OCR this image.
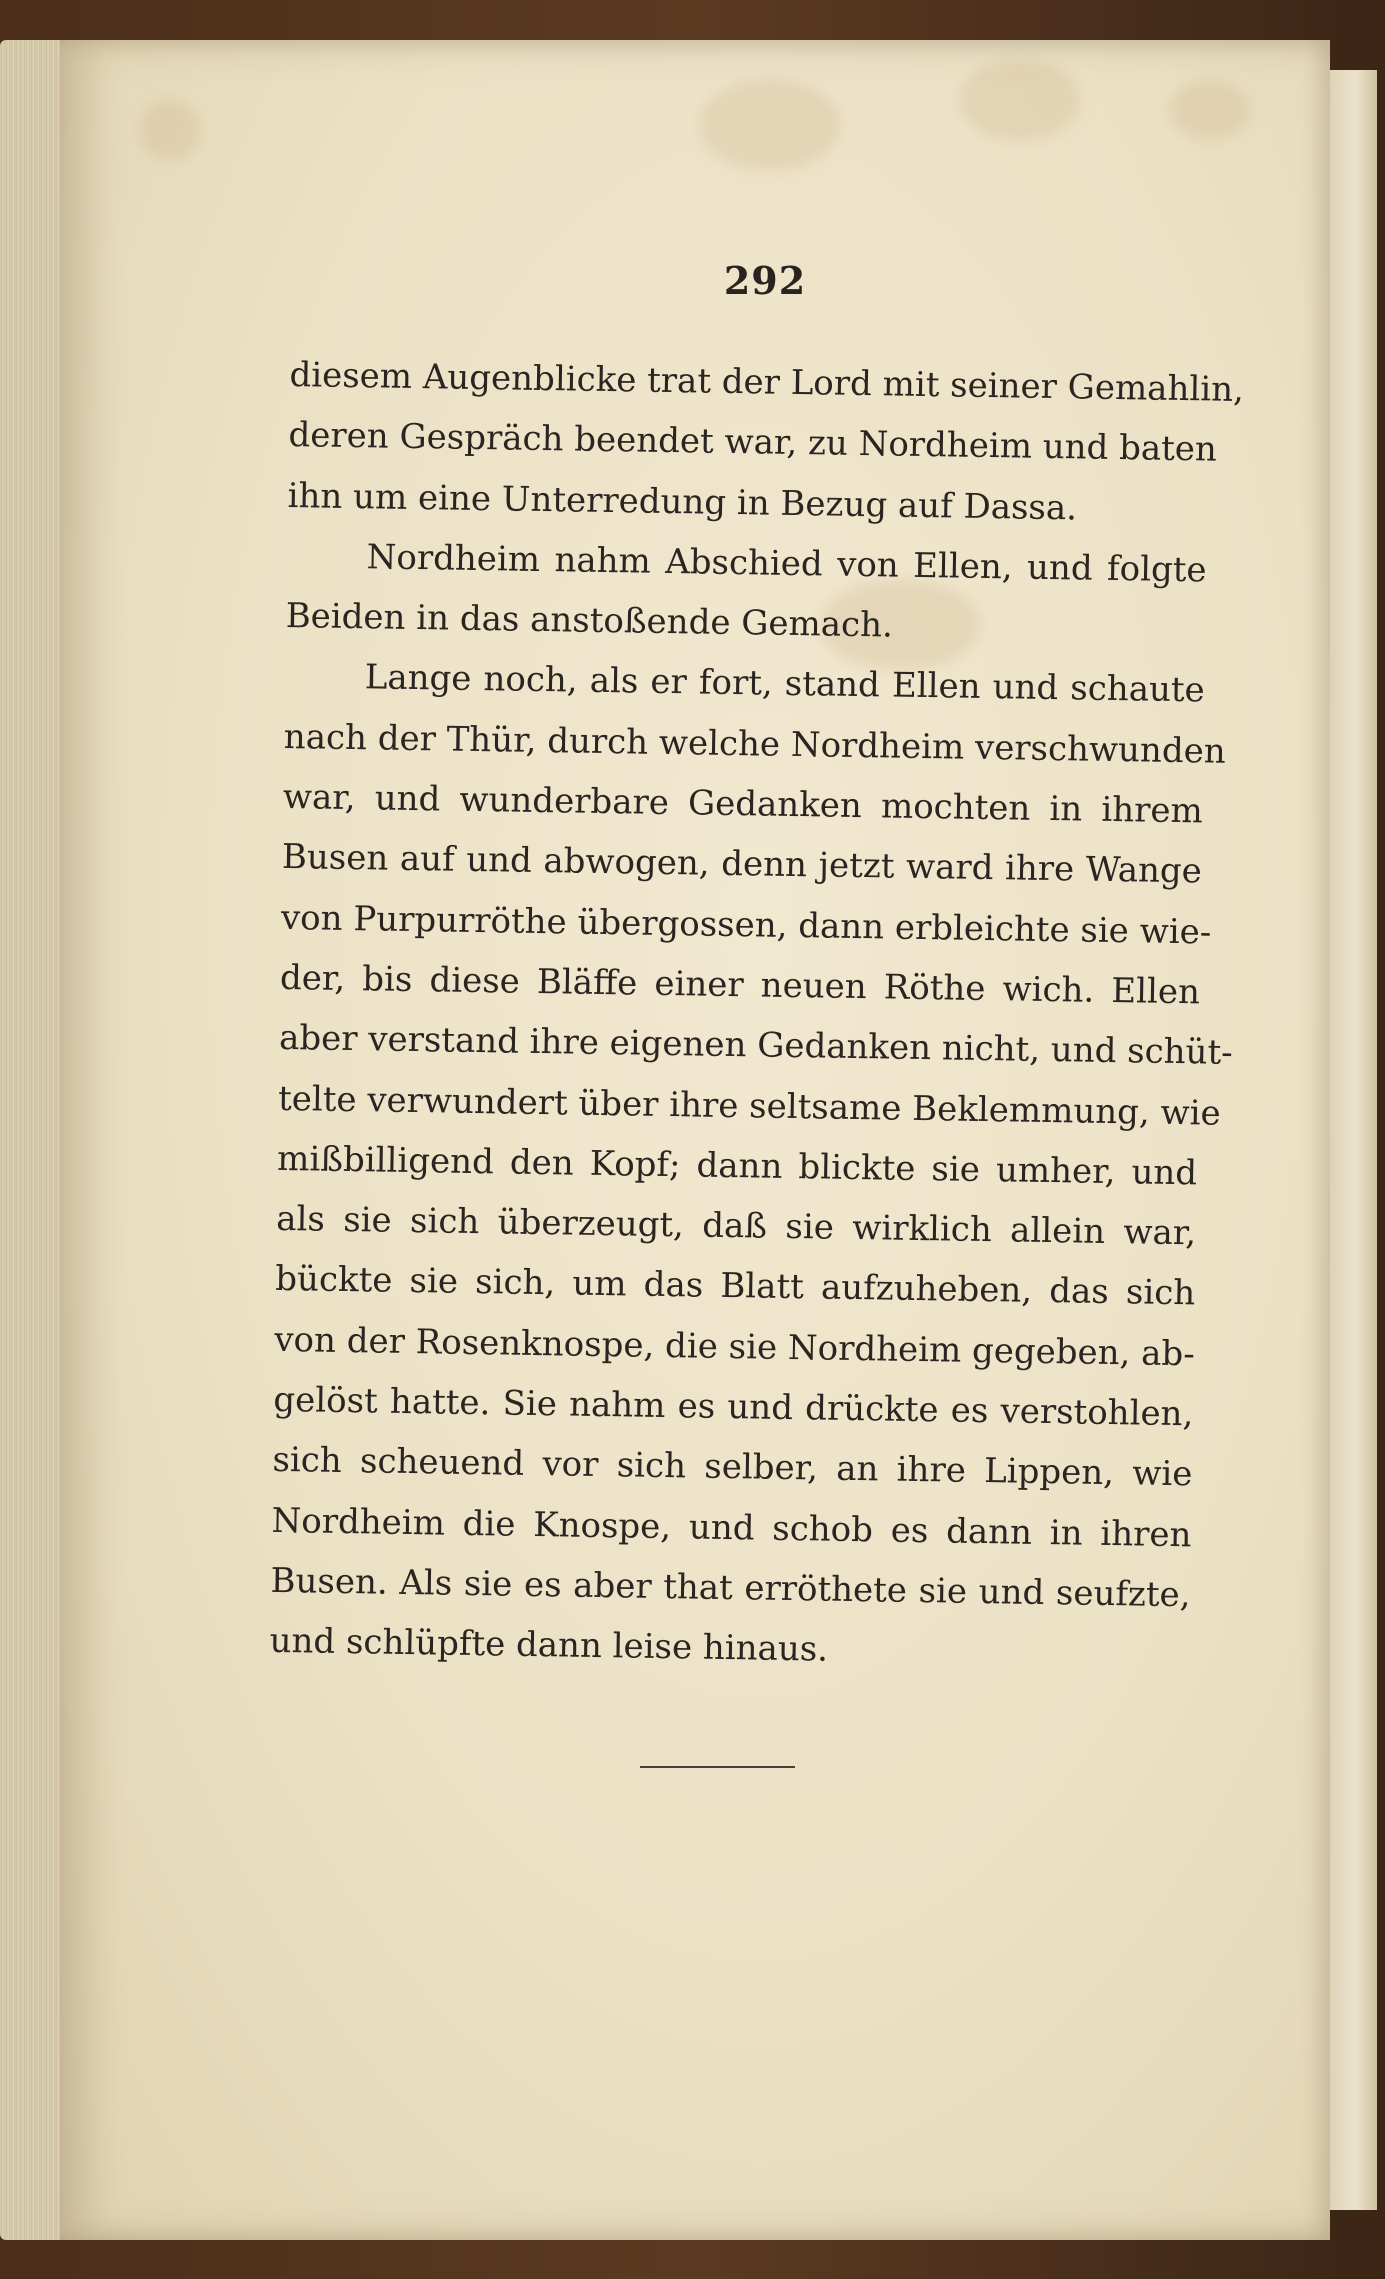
292
diesem Augenblicke trat der Lord mit seiner Gemahlin,
deren Gespräch beendet war, zu Nordheim und baten
ihn um eine Unterredung in Bezug auf Dassa.
Nordheim nahm Abschied von Ellen, und folgte
Beiden in das anstoßende Gemach.
Lange noch, als er fort, stand Ellen und schaute
nach der Thür, durch welche Nordheim verschwunden
war, und wunderbare Gedanken mochten in ihrem
Busen auf und abwogen, denn jetzt ward ihre Wange
von Purpurröthe übergossen, dann erbleichte sie wie-
der, bis diese Bläffe einer neuen Röthe wich. Ellen
aber verstand ihre eigenen Gedanken nicht, und schüt-
telte verwundert über ihre seltsame Beklemmung, wie
mißbilligend den Kopf; dann blickte sie umher, und
als sie sich überzeugt, daß sie wirklich allein war,
bückte sie sich, um das Blatt aufzuheben, das sich
von der Rosenknospe, die sie Nordheim gegeben, ab-
gelöst hatte. Sie nahm es und drückte es verstohlen,
sich scheuend vor sich selber, an ihre Lippen, wie
Nordheim die Knospe, und schob es dann in ihren
Busen. Als sie es aber that erröthete sie und seufzte,
und schlüpfte dann leise hinaus.
